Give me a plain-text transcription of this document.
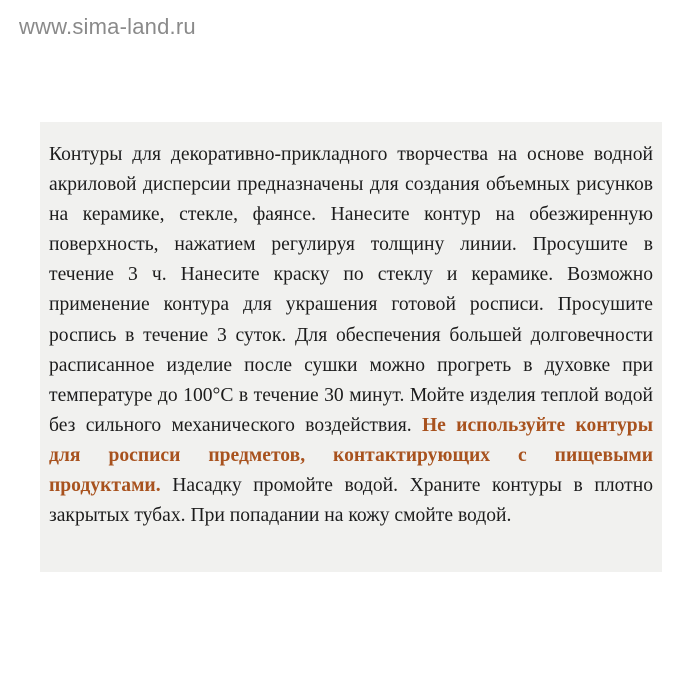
www.sima-land.ru

Контуры для декоративно-прикладного творчества на основе водной акриловой дисперсии предназначены для создания объемных рисунков на керамике, стекле, фаянсе. Нанесите контур на обезжиренную поверхность, нажатием регулируя толщину линии. Просушите в течение 3 ч. Нанесите краску по стеклу и керамике. Возможно применение контура для украшения готовой росписи. Просушите роспись в течение 3 суток. Для обеспечения большей долговечности расписанное изделие после сушки можно прогреть в духовке при температуре до 100°С в течение 30 минут. Мойте изделия теплой водой без сильного механического воздействия. Не используйте контуры для росписи предметов, контактирующих с пищевыми продуктами. Насадку промойте водой. Храните контуры в плотно закрытых тубах. При попадании на кожу смойте водой.
